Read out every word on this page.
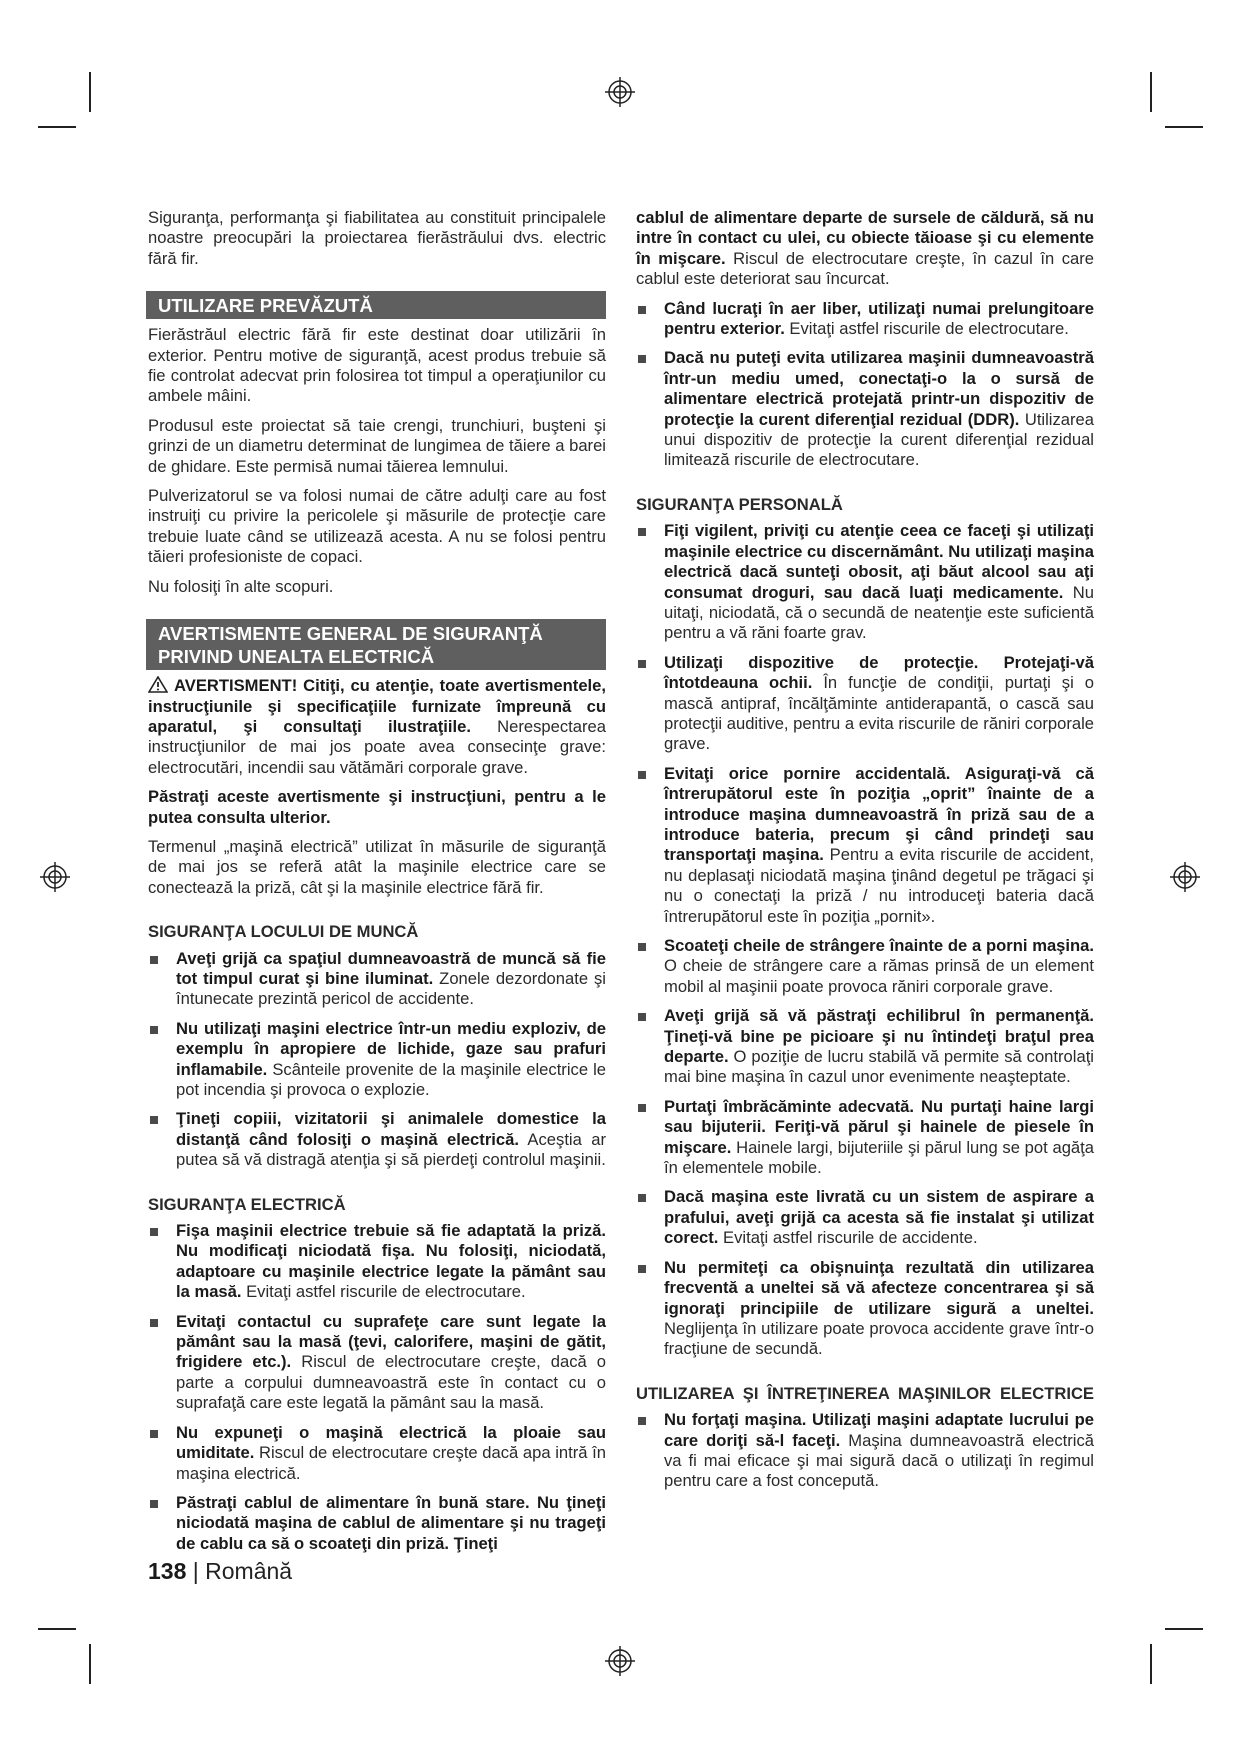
Siguranţa, performanţa şi fiabilitatea au constituit principalele noastre preocupări la proiectarea fierăstrăului dvs. electric fără fir.

UTILIZARE PREVĂZUTĂ

Fierăstrăul electric fără fir este destinat doar utilizării în exterior. Pentru motive de siguranţă, acest produs trebuie să fie controlat adecvat prin folosirea tot timpul a operaţiunilor cu ambele mâini.

Produsul este proiectat să taie crengi, trunchiuri, buşteni şi grinzi de un diametru determinat de lungimea de tăiere a barei de ghidare. Este permisă numai tăierea lemnului.

Pulverizatorul se va folosi numai de către adulţi care au fost instruiţi cu privire la pericolele şi măsurile de protecţie care trebuie luate când se utilizează acesta. A nu se folosi pentru tăieri profesioniste de copaci.

Nu folosiţi în alte scopuri.

AVERTISMENTE GENERAL DE SIGURANŢĂ PRIVIND UNEALTA ELECTRICĂ

AVERTISMENT! Citiţi, cu atenţie, toate avertismentele, instrucţiunile şi specificaţiile furnizate împreună cu aparatul, şi consultaţi ilustraţiile. Nerespectarea instrucţiunilor de mai jos poate avea consecinţe grave: electrocutări, incendii sau vătămări corporale grave.

Păstraţi aceste avertismente şi instrucţiuni, pentru a le putea consulta ulterior.

Termenul „maşină electrică” utilizat în măsurile de siguranţă de mai jos se referă atât la maşinile electrice care se conectează la priză, cât şi la maşinile electrice fără fir.

SIGURANŢA LOCULUI DE MUNCĂ
Aveţi grijă ca spaţiul dumneavoastră de muncă să fie tot timpul curat şi bine iluminat. Zonele dezordonate şi întunecate prezintă pericol de accidente.
Nu utilizaţi maşini electrice într-un mediu exploziv, de exemplu în apropiere de lichide, gaze sau prafuri inflamabile. Scânteile provenite de la maşinile electrice le pot incendia şi provoca o explozie.
Ţineţi copiii, vizitatorii şi animalele domestice la distanţă când folosiţi o maşină electrică. Aceştia ar putea să vă distragă atenţia şi să pierdeţi controlul maşinii.
SIGURANŢA ELECTRICĂ
Fişa maşinii electrice trebuie să fie adaptată la priză. Nu modificaţi niciodată fişa. Nu folosiţi, niciodată, adaptoare cu maşinile electrice legate la pământ sau la masă. Evitaţi astfel riscurile de electrocutare.
Evitaţi contactul cu suprafeţe care sunt legate la pământ sau la masă (ţevi, calorifere, maşini de gătit, frigidere etc.). Riscul de electrocutare creşte, dacă o parte a corpului dumneavoastră este în contact cu o suprafaţă care este legată la pământ sau la masă.
Nu expuneţi o maşină electrică la ploaie sau umiditate. Riscul de electrocutare creşte dacă apa intră în maşina electrică.
Păstraţi cablul de alimentare în bună stare. Nu ţineţi niciodată maşina de cablul de alimentare şi nu trageţi de cablu ca să o scoateţi din priză. Ţineţi

cablul de alimentare departe de sursele de căldură, să nu intre în contact cu ulei, cu obiecte tăioase şi cu elemente în mişcare. Riscul de electrocutare creşte, în cazul în care cablul este deteriorat sau încurcat.

Când lucraţi în aer liber, utilizaţi numai prelungitoare pentru exterior. Evitaţi astfel riscurile de electrocutare.
Dacă nu puteţi evita utilizarea maşinii dumneavoastră într-un mediu umed, conectaţi-o la o sursă de alimentare electrică protejată printr-un dispozitiv de protecţie la curent diferenţial rezidual (DDR). Utilizarea unui dispozitiv de protecţie la curent diferenţial rezidual limitează riscurile de electrocutare.
SIGURANŢA PERSONALĂ
Fiţi vigilent, priviţi cu atenţie ceea ce faceţi şi utilizaţi maşinile electrice cu discernământ. Nu utilizaţi maşina electrică dacă sunteţi obosit, aţi băut alcool sau aţi consumat droguri, sau dacă luaţi medicamente. Nu uitaţi, niciodată, că o secundă de neatenţie este suficientă pentru a vă răni foarte grav.
Utilizaţi dispozitive de protecţie. Protejaţi-vă întotdeauna ochii. În funcţie de condiţii, purtaţi şi o mască antipraf, încălţăminte antiderapantă, o cască sau protecţii auditive, pentru a evita riscurile de răniri corporale grave.
Evitaţi orice pornire accidentală. Asiguraţi-vă că întrerupătorul este în poziţia „oprit” înainte de a introduce maşina dumneavoastră în priză sau de a introduce bateria, precum şi când prindeţi sau transportaţi maşina. Pentru a evita riscurile de accident, nu deplasaţi niciodată maşina ţinând degetul pe trăgaci şi nu o conectaţi la priză / nu introduceţi bateria dacă întrerupătorul este în poziţia „pornit».
Scoateţi cheile de strângere înainte de a porni maşina. O cheie de strângere care a rămas prinsă de un element mobil al maşinii poate provoca răniri corporale grave.
Aveţi grijă să vă păstraţi echilibrul în permanenţă. Ţineţi-vă bine pe picioare şi nu întindeţi braţul prea departe. O poziţie de lucru stabilă vă permite să controlaţi mai bine maşina în cazul unor evenimente neaşteptate.
Purtaţi îmbrăcăminte adecvată. Nu purtaţi haine largi sau bijuterii. Feriţi-vă părul şi hainele de piesele în mişcare. Hainele largi, bijuteriile şi părul lung se pot agăţa în elementele mobile.
Dacă maşina este livrată cu un sistem de aspirare a prafului, aveţi grijă ca acesta să fie instalat şi utilizat corect. Evitaţi astfel riscurile de accidente.
Nu permiteţi ca obişnuinţa rezultată din utilizarea frecventă a uneltei să vă afecteze concentrarea şi să ignoraţi principiile de utilizare sigură a uneltei. Neglijenţa în utilizare poate provoca accidente grave într-o fracţiune de secundă.
UTILIZAREA ŞI ÎNTREŢINEREA MAŞINILOR ELECTRICE
Nu forţaţi maşina. Utilizaţi maşini adaptate lucrului pe care doriţi să-l faceţi. Maşina dumneavoastră electrică va fi mai eficace şi mai sigură dacă o utilizaţi în regimul pentru care a fost concepută.
138 | Română
